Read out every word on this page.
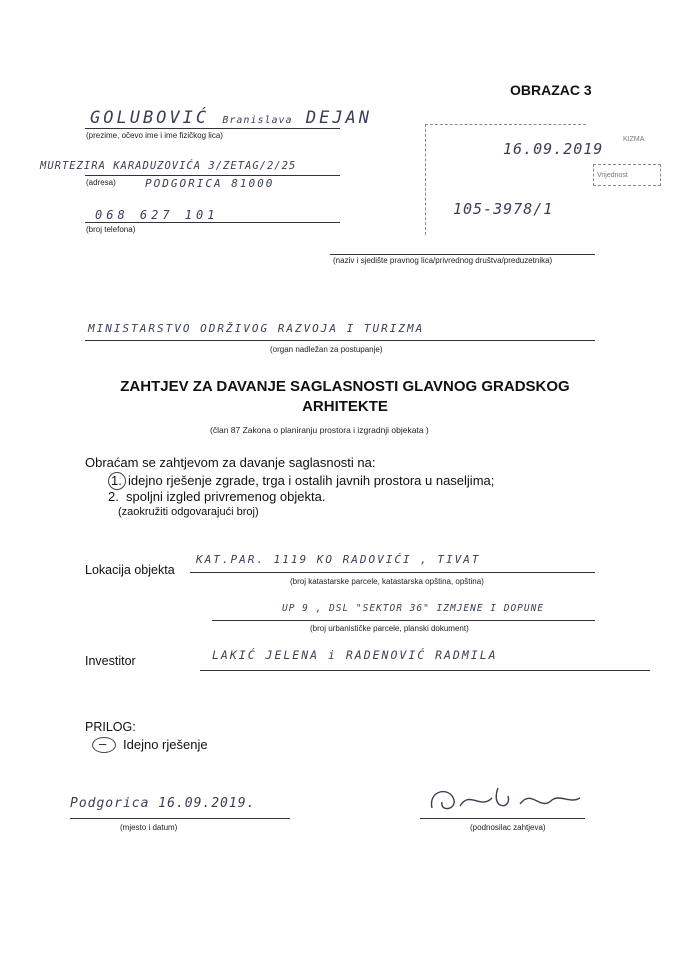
OBRAZAC 3
GOLUBOVIĆ Branislava DEJAN
(prezime, očevo ime i ime fizičkog lica)
MURTEZIRA KARADUZOVIĆA 3/ZETAG/2/25
(adresa)	PODGORICA 81000
068 627 101
(broj telefona)
KIZMA
Vrijednost
16.09.2019
105-3978/1
(naziv i sjedište pravnog lica/privrednog društva/preduzetnika)
MINISTARSTVO ODRŽIVOG RAZVOJA I TURIZMA
(organ nadležan za postupanje)
ZAHTJEV ZA DAVANJE SAGLASNOSTI GLAVNOG GRADSKOG
ARHITEKTE
(član 87 Zakona o planiranju prostora i izgradnji objekata )
Obraćam se zahtjevom za davanje saglasnosti na:
1. idejno rješenje zgrade, trga i ostalih javnih prostora u naseljima;
2. spoljni izgled privremenog objekta.
(zaokružiti odgovarajući broj)
Lokacija objekta
KAT.PAR. 1119 KO RADOVIĆI , TIVAT
(broj katastarske parcele, katastarska opština, opština)
UP 9 , DSL "SEKTOR 36" IZMJENE I DOPUNE
(broj urbanističke parcele, planski dokument)
Investitor	LAKIĆ JELENA i RADENOVIĆ RADMILA
PRILOG:
– Idejno rješenje
Podgorica 16.09.2019.
(mjesto i datum)	(podnosilac zahtjeva)
